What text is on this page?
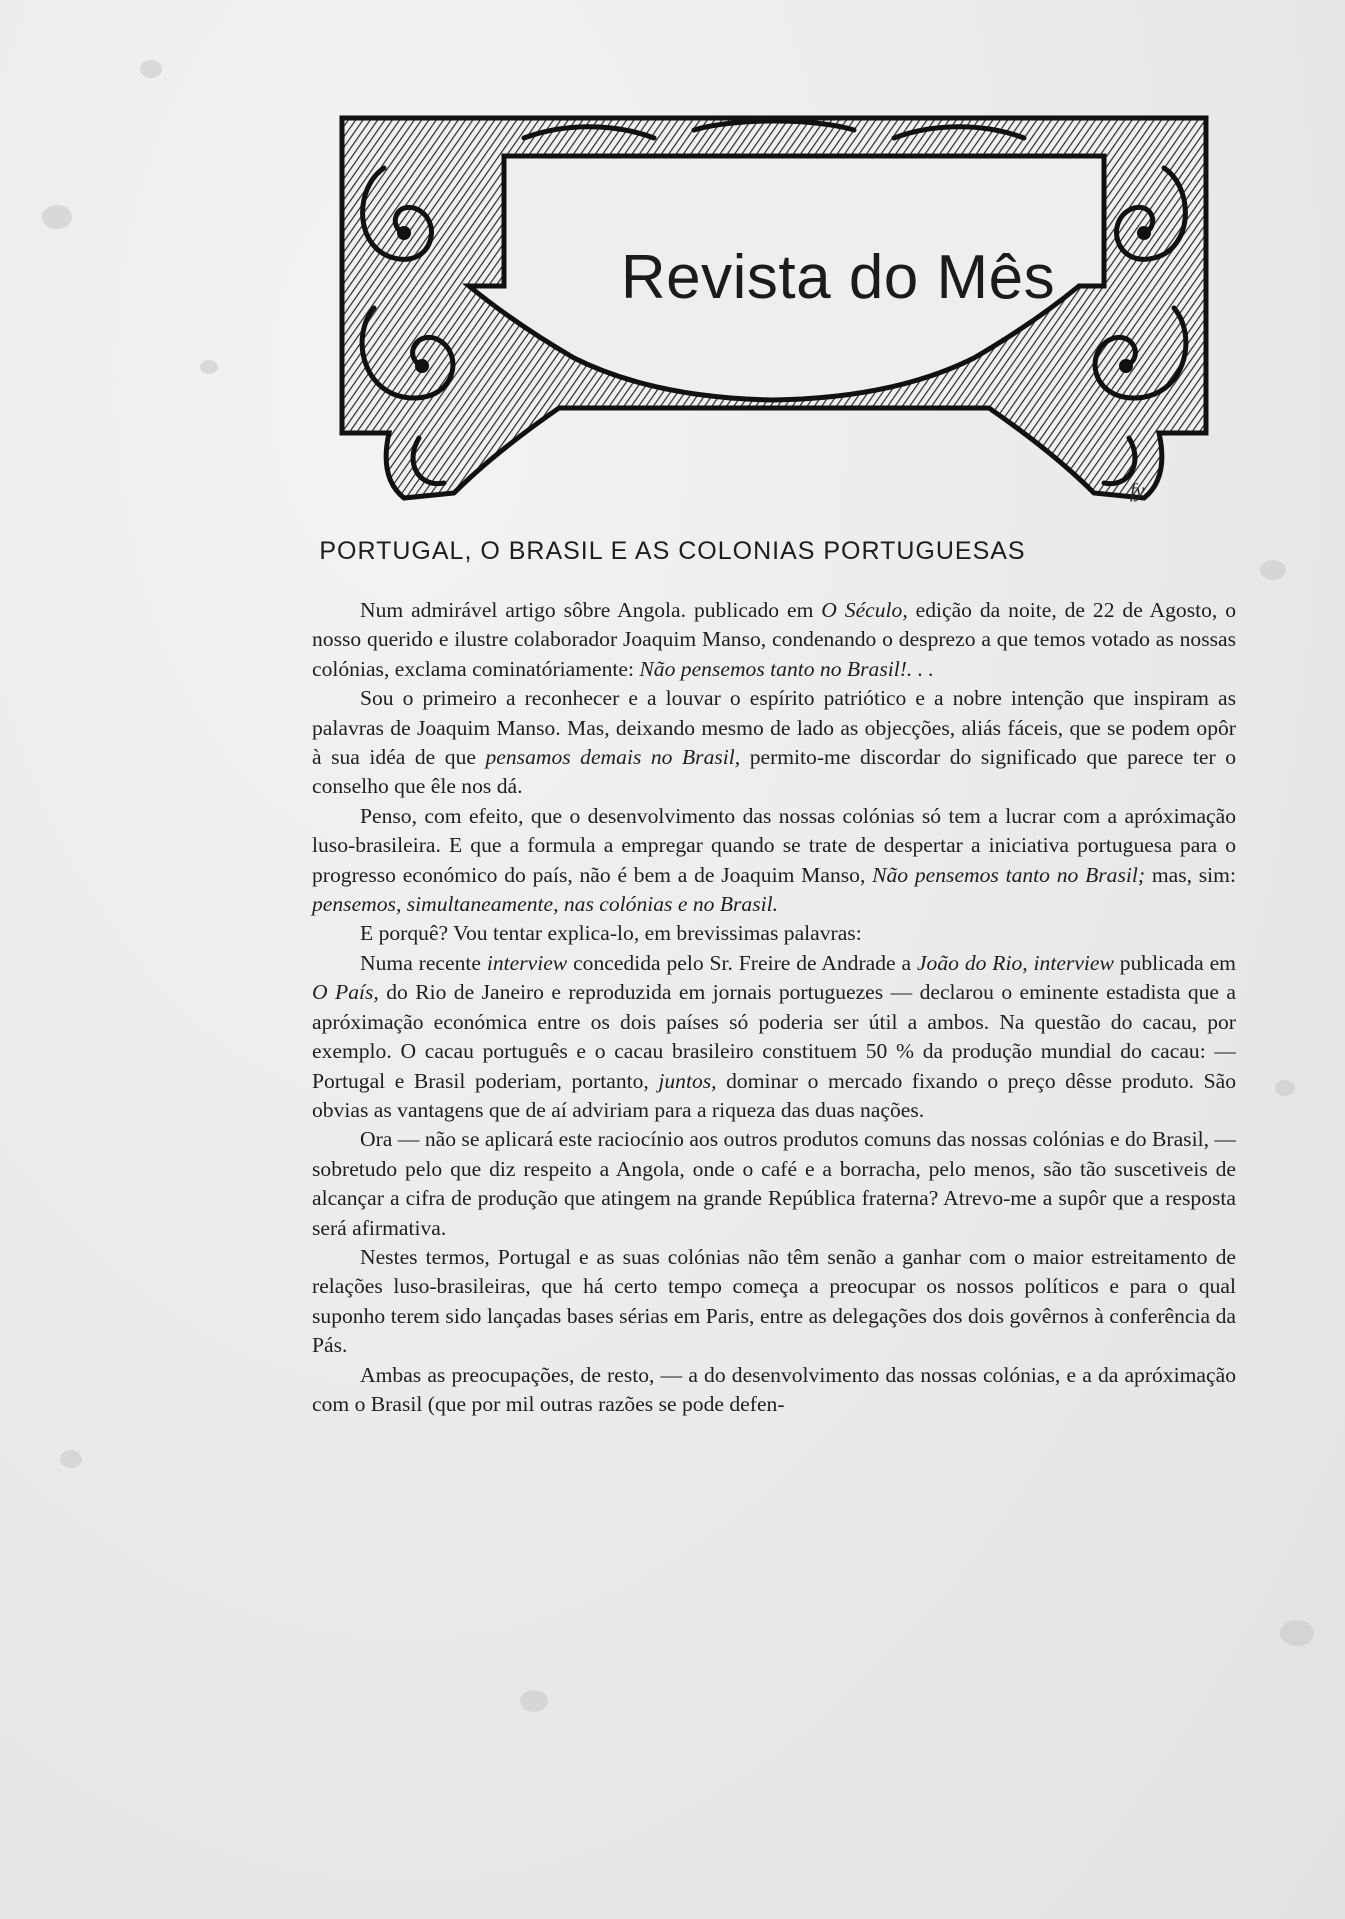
Revista do Mês
fy
PORTUGAL, O BRASIL E AS COLONIAS PORTUGUESAS

Num admirável artigo sôbre Angola. publicado em O Século, edição da noite, de 22 de Agosto, o nosso querido e ilustre colaborador Joaquim Manso, condenando o desprezo a que temos votado as nossas colónias, exclama cominatóriamente: Não pensemos tanto no Brasil!. . .

Sou o primeiro a reconhecer e a louvar o espírito patriótico e a nobre intenção que inspiram as palavras de Joaquim Manso. Mas, deixando mesmo de lado as objecções, aliás fáceis, que se podem opôr à sua idéa de que pensamos demais no Brasil, permito-me discordar do significado que parece ter o conselho que êle nos dá.

Penso, com efeito, que o desenvolvimento das nossas colónias só tem a lucrar com a apróximação luso-brasileira. E que a formula a empregar quando se trate de despertar a iniciativa portuguesa para o progresso económico do país, não é bem a de Joaquim Manso, Não pensemos tanto no Brasil; mas, sim: pensemos, simultaneamente, nas colónias e no Brasil.

E porquê? Vou tentar explica-lo, em brevissimas palavras:

Numa recente interview concedida pelo Sr. Freire de Andrade a João do Rio, interview publicada em O País, do Rio de Janeiro e reproduzida em jornais portuguezes — declarou o eminente estadista que a apróximação económica entre os dois países só poderia ser útil a ambos. Na questão do cacau, por exemplo. O cacau português e o cacau brasileiro constituem 50 % da produção mundial do cacau: — Portugal e Brasil poderiam, portanto, juntos, dominar o mercado fixando o preço dêsse produto. São obvias as vantagens que de aí adviriam para a riqueza das duas nações.

Ora — não se aplicará este raciocínio aos outros produtos comuns das nossas colónias e do Brasil, — sobretudo pelo que diz respeito a Angola, onde o café e a borracha, pelo menos, são tão suscetiveis de alcançar a cifra de produção que atingem na grande República fraterna? Atrevo-me a supôr que a resposta será afirmativa.

Nestes termos, Portugal e as suas colónias não têm senão a ganhar com o maior estreitamento de relações luso-brasileiras, que há certo tempo começa a preocupar os nossos políticos e para o qual suponho terem sido lançadas bases sérias em Paris, entre as delegações dos dois govêrnos à conferência da Pás.

Ambas as preocupações, de resto, — a do desenvolvimento das nossas colónias, e a da apróximação com o Brasil (que por mil outras razões se pode defen-
